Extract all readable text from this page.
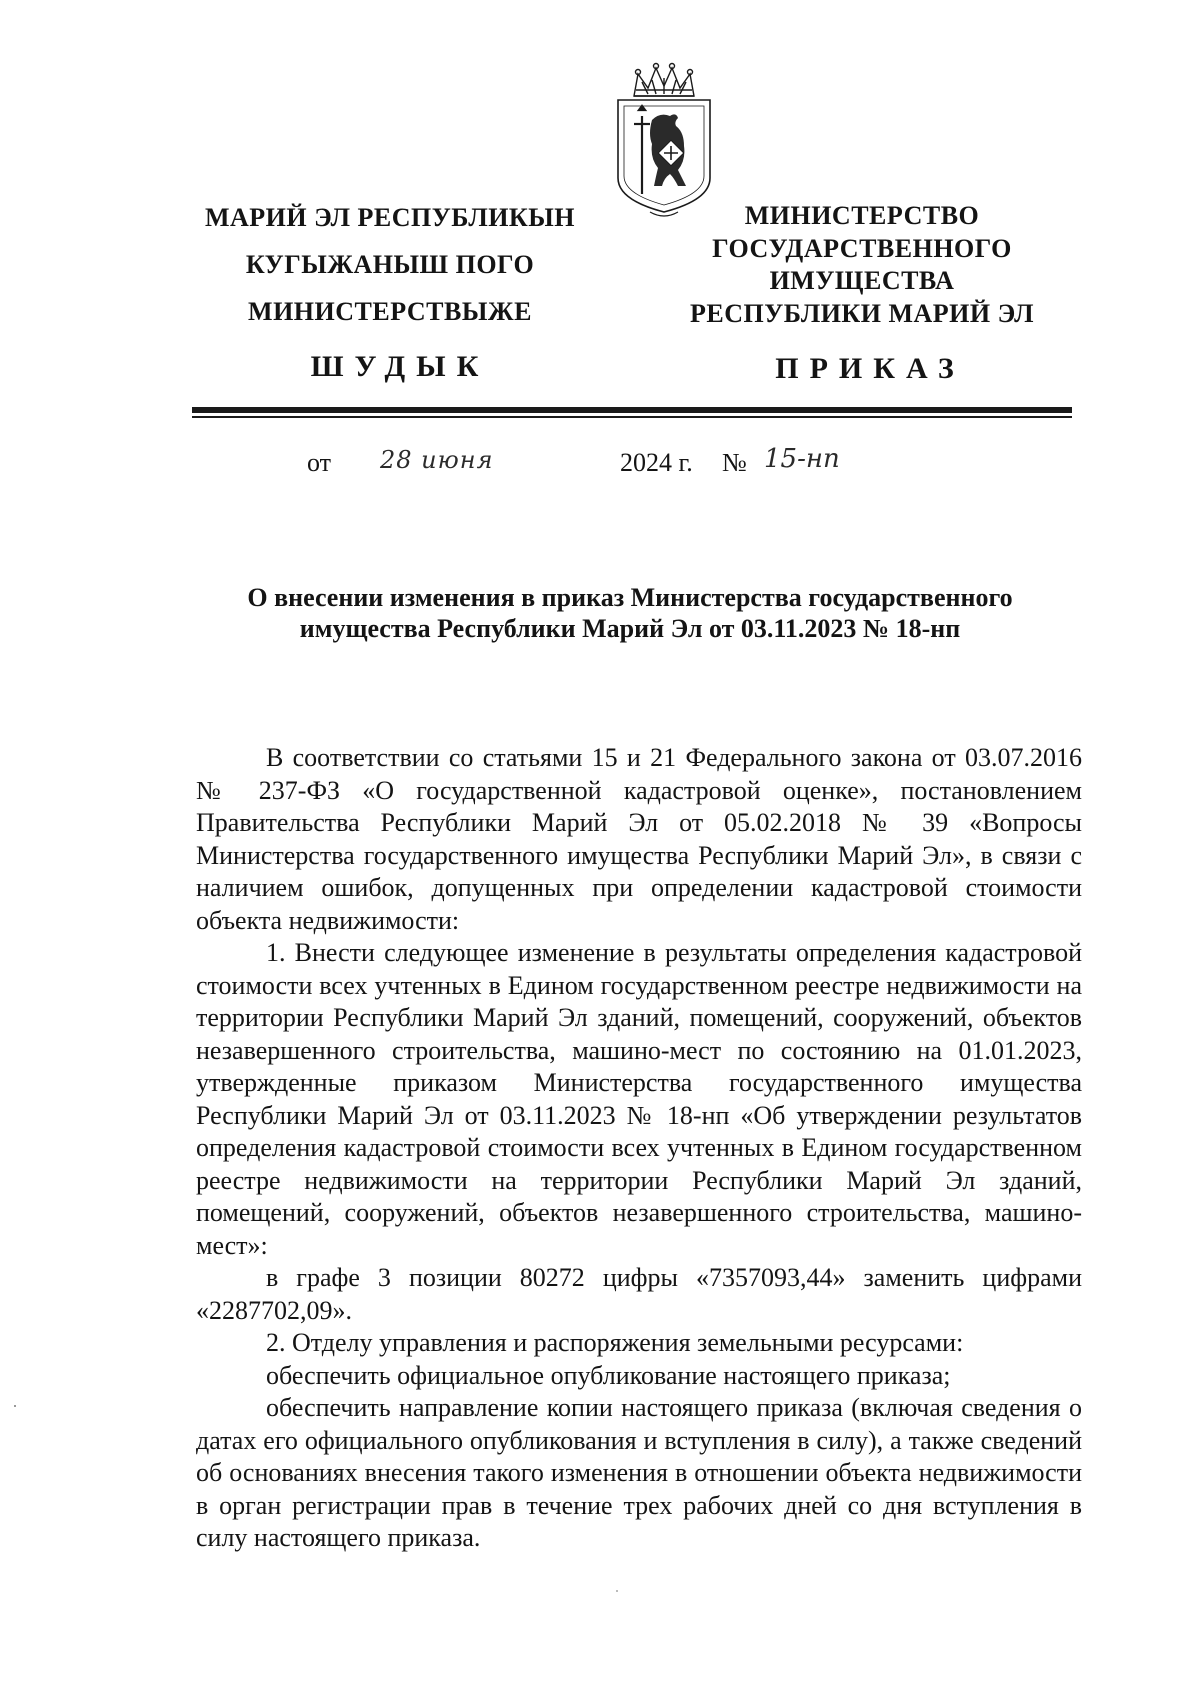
МАРИЙ ЭЛ РЕСПУБЛИКЫН
КУГЫЖАНЫШ ПОГО
МИНИСТЕРСТВЫЖЕ
ШУДЫК
МИНИСТЕРСТВО
ГОСУДАРСТВЕННОГО
ИМУЩЕСТВА
РЕСПУБЛИКИ МАРИЙ ЭЛ
ПРИКАЗ
от 28 июня	2024 г. № 15-нп
О внесении изменения в приказ Министерства государственного
имущества Республики Марий Эл от 03.11.2023 № 18-нп

В соответствии со статьями 15 и 21 Федерального закона от 03.07.2016 № 237-ФЗ «О государственной кадастровой оценке», постановлением Правительства Республики Марий Эл от 05.02.2018 № 39 «Вопросы Министерства государственного имущества Республики Марий Эл», в связи с наличием ошибок, допущенных при определении кадастровой стоимости объекта недвижимости:

1. Внести следующее изменение в результаты определения кадастровой стоимости всех учтенных в Едином государственном реестре недвижимости на территории Республики Марий Эл зданий, помещений, сооружений, объектов незавершенного строительства, машино-мест по состоянию на 01.01.2023, утвержденные приказом Министерства государственного имущества Республики Марий Эл от 03.11.2023 № 18-нп «Об утверждении результатов определения кадастровой стоимости всех учтенных в Едином государственном реестре недвижимости на территории Республики Марий Эл зданий, помещений, сооружений, объектов незавершенного строительства, машино-мест»:

в графе 3 позиции 80272 цифры «7357093,44» заменить цифрами «2287702,09».

2. Отделу управления и распоряжения земельными ресурсами:

обеспечить официальное опубликование настоящего приказа;

обеспечить направление копии настоящего приказа (включая сведения о датах его официального опубликования и вступления в силу), а также сведений об основаниях внесения такого изменения в отношении объекта недвижимости в орган регистрации прав в течение трех рабочих дней со дня вступления в силу настоящего приказа.
